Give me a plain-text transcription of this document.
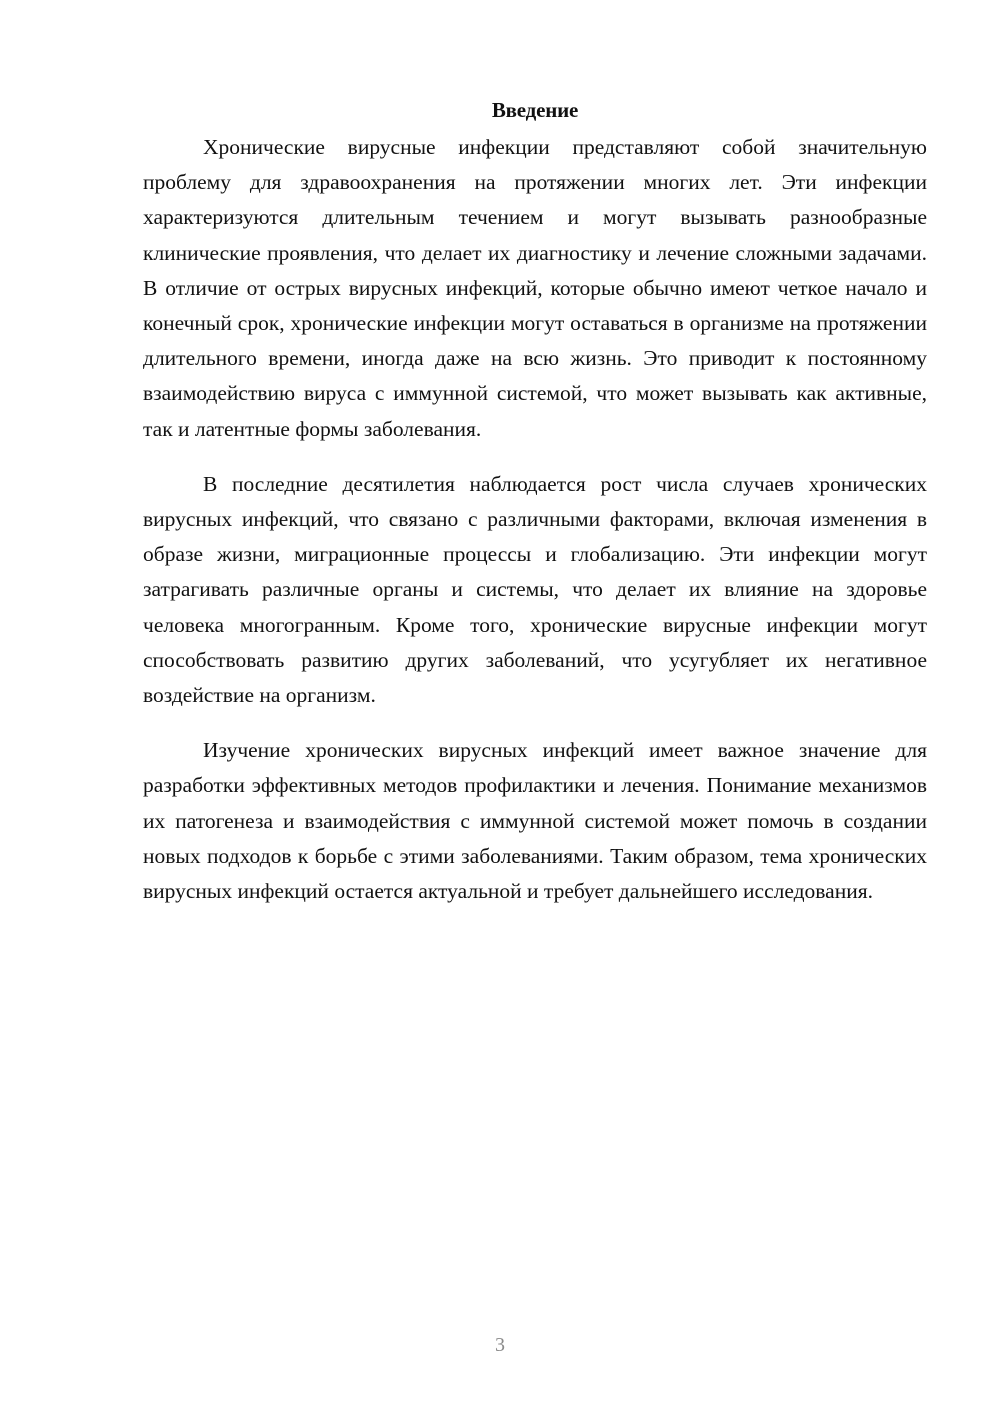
Введение

Хронические вирусные инфекции представляют собой значительную проблему для здравоохранения на протяжении многих лет. Эти инфекции характеризуются длительным течением и могут вызывать разнообразные клинические проявления, что делает их диагностику и лечение сложными задачами. В отличие от острых вирусных инфекций, которые обычно имеют четкое начало и конечный срок, хронические инфекции могут оставаться в организме на протяжении длительного времени, иногда даже на всю жизнь. Это приводит к постоянному взаимодействию вируса с иммунной системой, что может вызывать как активные, так и латентные формы заболевания.

В последние десятилетия наблюдается рост числа случаев хронических вирусных инфекций, что связано с различными факторами, включая изменения в образе жизни, миграционные процессы и глобализацию. Эти инфекции могут затрагивать различные органы и системы, что делает их влияние на здоровье человека многогранным. Кроме того, хронические вирусные инфекции могут способствовать развитию других заболеваний, что усугубляет их негативное воздействие на организм.

Изучение хронических вирусных инфекций имеет важное значение для разработки эффективных методов профилактики и лечения. Понимание механизмов их патогенеза и взаимодействия с иммунной системой может помочь в создании новых подходов к борьбе с этими заболеваниями. Таким образом, тема хронических вирусных инфекций остается актуальной и требует дальнейшего исследования.

3
